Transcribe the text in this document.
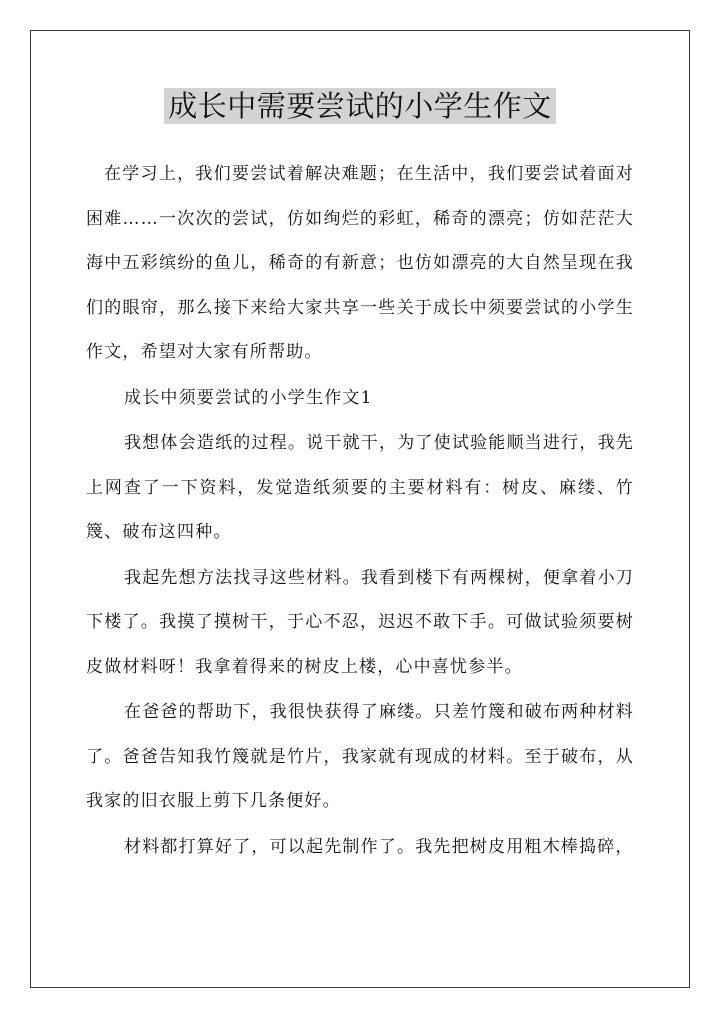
成长中需要尝试的小学生作文

在学习上，我们要尝试着解决难题；在生活中，我们要尝试着面对困难……一次次的尝试，仿如绚烂的彩虹，稀奇的漂亮；仿如茫茫大海中五彩缤纷的鱼儿，稀奇的有新意；也仿如漂亮的大自然呈现在我们的眼帘，那么接下来给大家共享一些关于成长中须要尝试的小学生作文，希望对大家有所帮助。

成长中须要尝试的小学生作文1

我想体会造纸的过程。说干就干，为了使试验能顺当进行，我先上网查了一下资料，发觉造纸须要的主要材料有：树皮、麻缕、竹篾、破布这四种。

我起先想方法找寻这些材料。我看到楼下有两棵树，便拿着小刀下楼了。我摸了摸树干，于心不忍，迟迟不敢下手。可做试验须要树皮做材料呀！我拿着得来的树皮上楼，心中喜忧参半。

在爸爸的帮助下，我很快获得了麻缕。只差竹篾和破布两种材料了。爸爸告知我竹篾就是竹片，我家就有现成的材料。至于破布，从我家的旧衣服上剪下几条便好。

材料都打算好了，可以起先制作了。我先把树皮用粗木棒捣碎，
